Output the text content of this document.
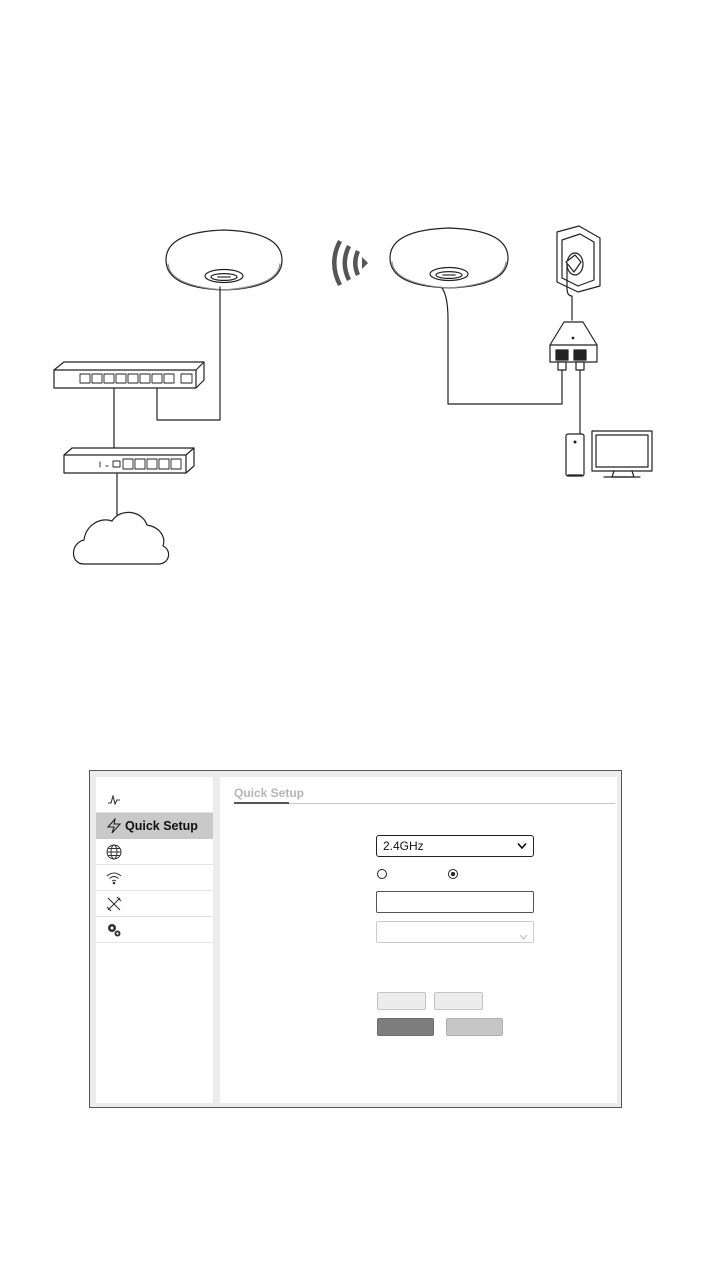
Quick Setup
Quick Setup
2.4GHz
